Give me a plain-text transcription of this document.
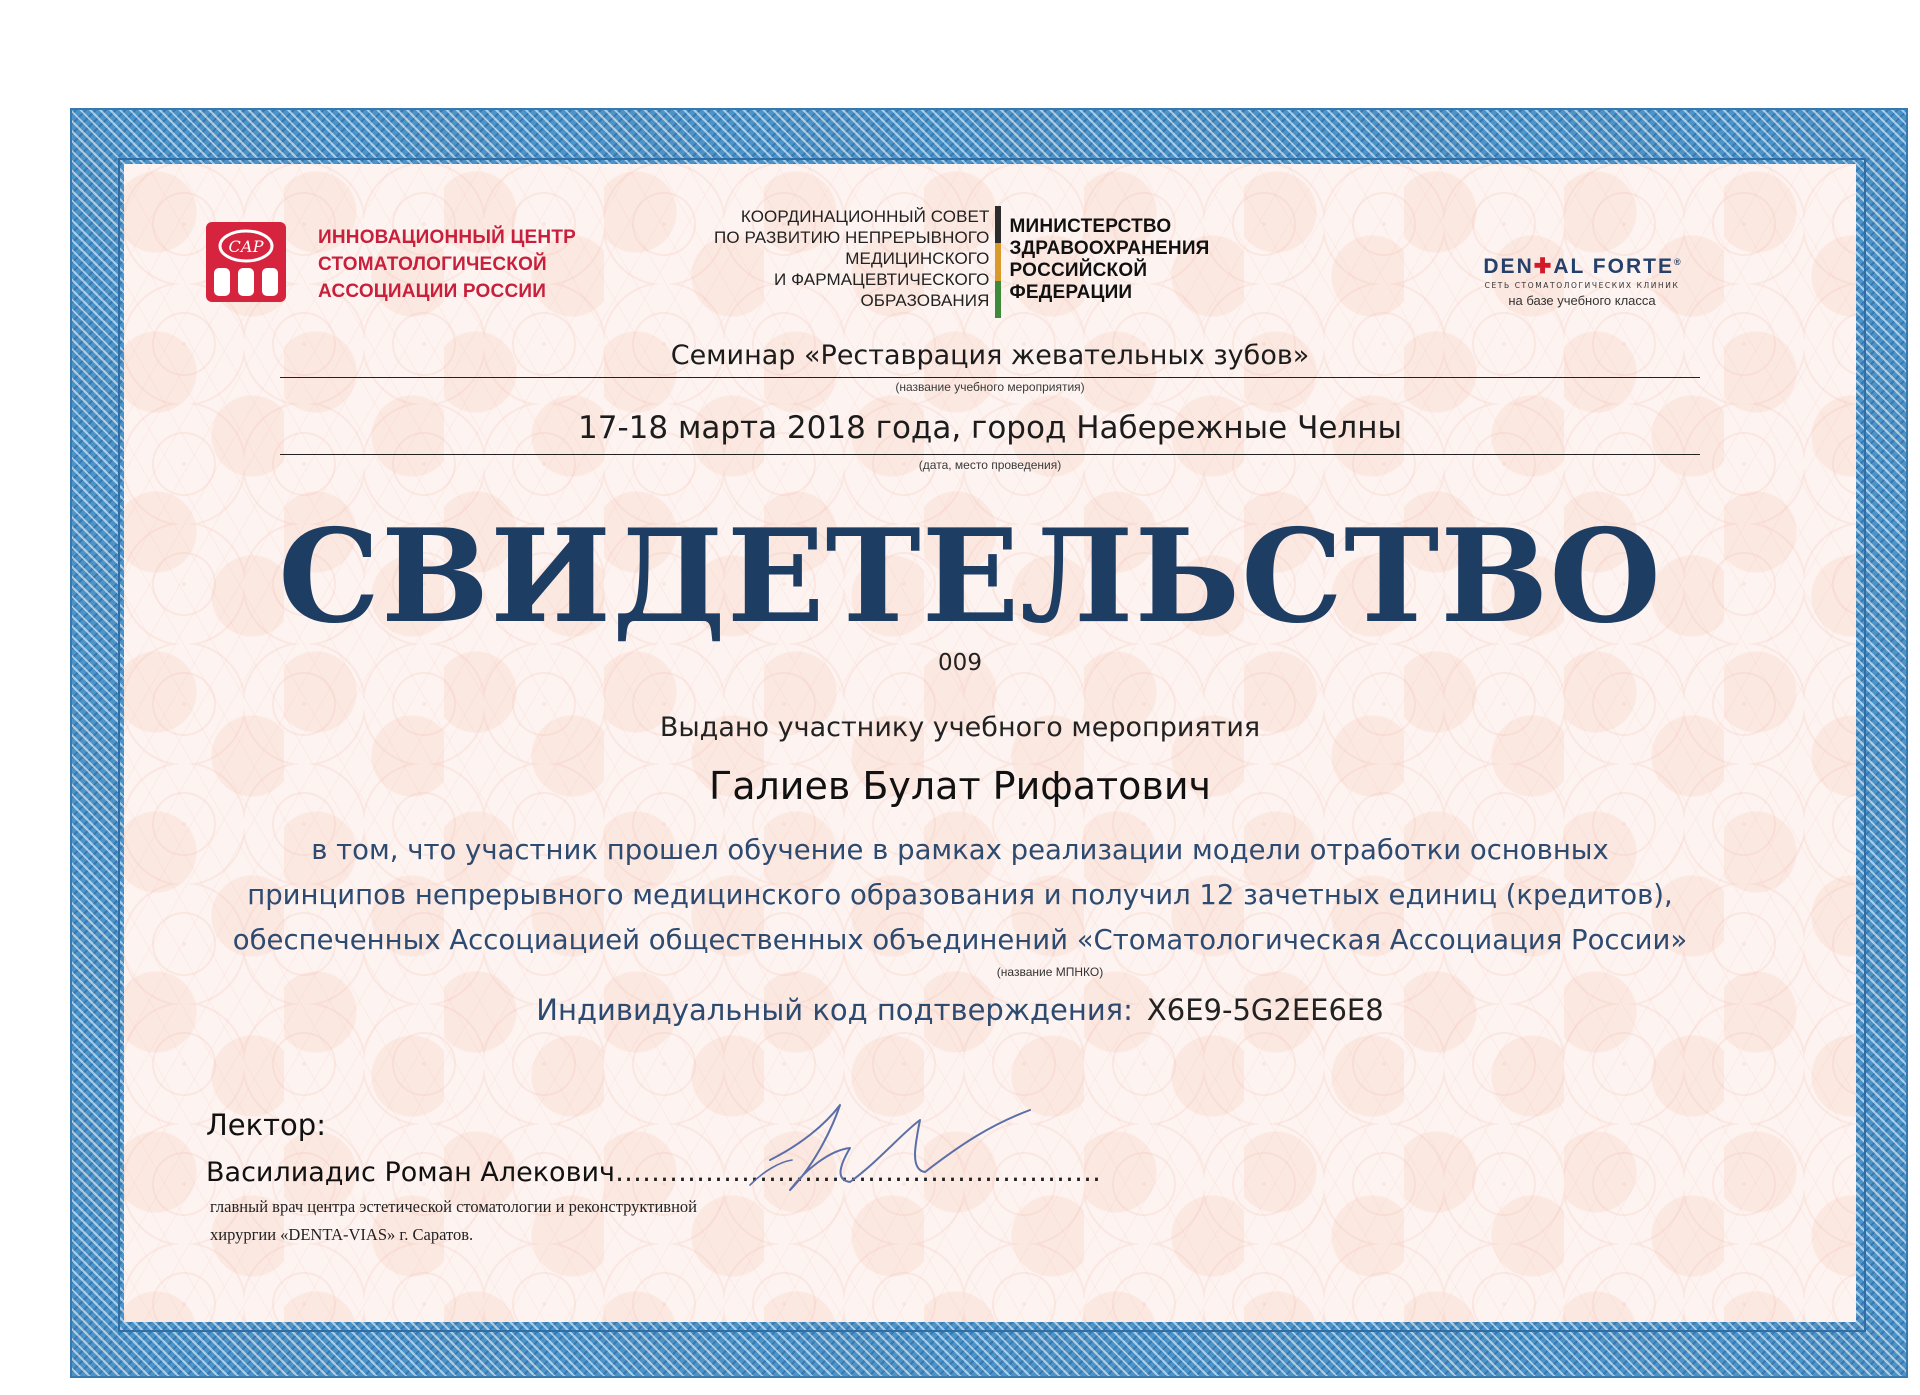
САР	ИННОВАЦИОННЫЙ ЦЕНТР
СТОМАТОЛОГИЧЕСКОЙ
АССОЦИАЦИИ РОССИИ
КООРДИНАЦИОННЫЙ СОВЕТ
ПО РАЗВИТИЮ НЕПРЕРЫВНОГО
МЕДИЦИНСКОГО
И ФАРМАЦЕВТИЧЕСКОГО
ОБРАЗОВАНИЯ
МИНИСТЕРСТВО
ЗДРАВООХРАНЕНИЯ
РОССИЙСКОЙ
ФЕДЕРАЦИИ
DEN✚AL FORTE®
СЕТЬ СТОМАТОЛОГИЧЕСКИХ КЛИНИК
на базе учебного класса
Семинар «Реставрация жевательных зубов»
(название учебного мероприятия)
17-18 марта 2018 года, город Набережные Челны
(дата, место проведения)
СВИДЕТЕЛЬСТВО
009
Выдано участнику учебного мероприятия
Галиев Булат Рифатович
в том, что участник прошел обучение в рамках реализации модели отработки основных
принципов непрерывного медицинского образования и получил 12 зачетных единиц (кредитов),
обеспеченных Ассоциацией общественных объединений «Стоматологическая Ассоциация России»
(название МПНКО)
Индивидуальный код подтверждения: X6E9-5G2EE6E8
Лектор:
Василиадис Роман Алекович………………………………………………
главный врач центра эстетической стоматологии и реконструктивной
хирургии «DENTA-VIAS» г. Саратов.
